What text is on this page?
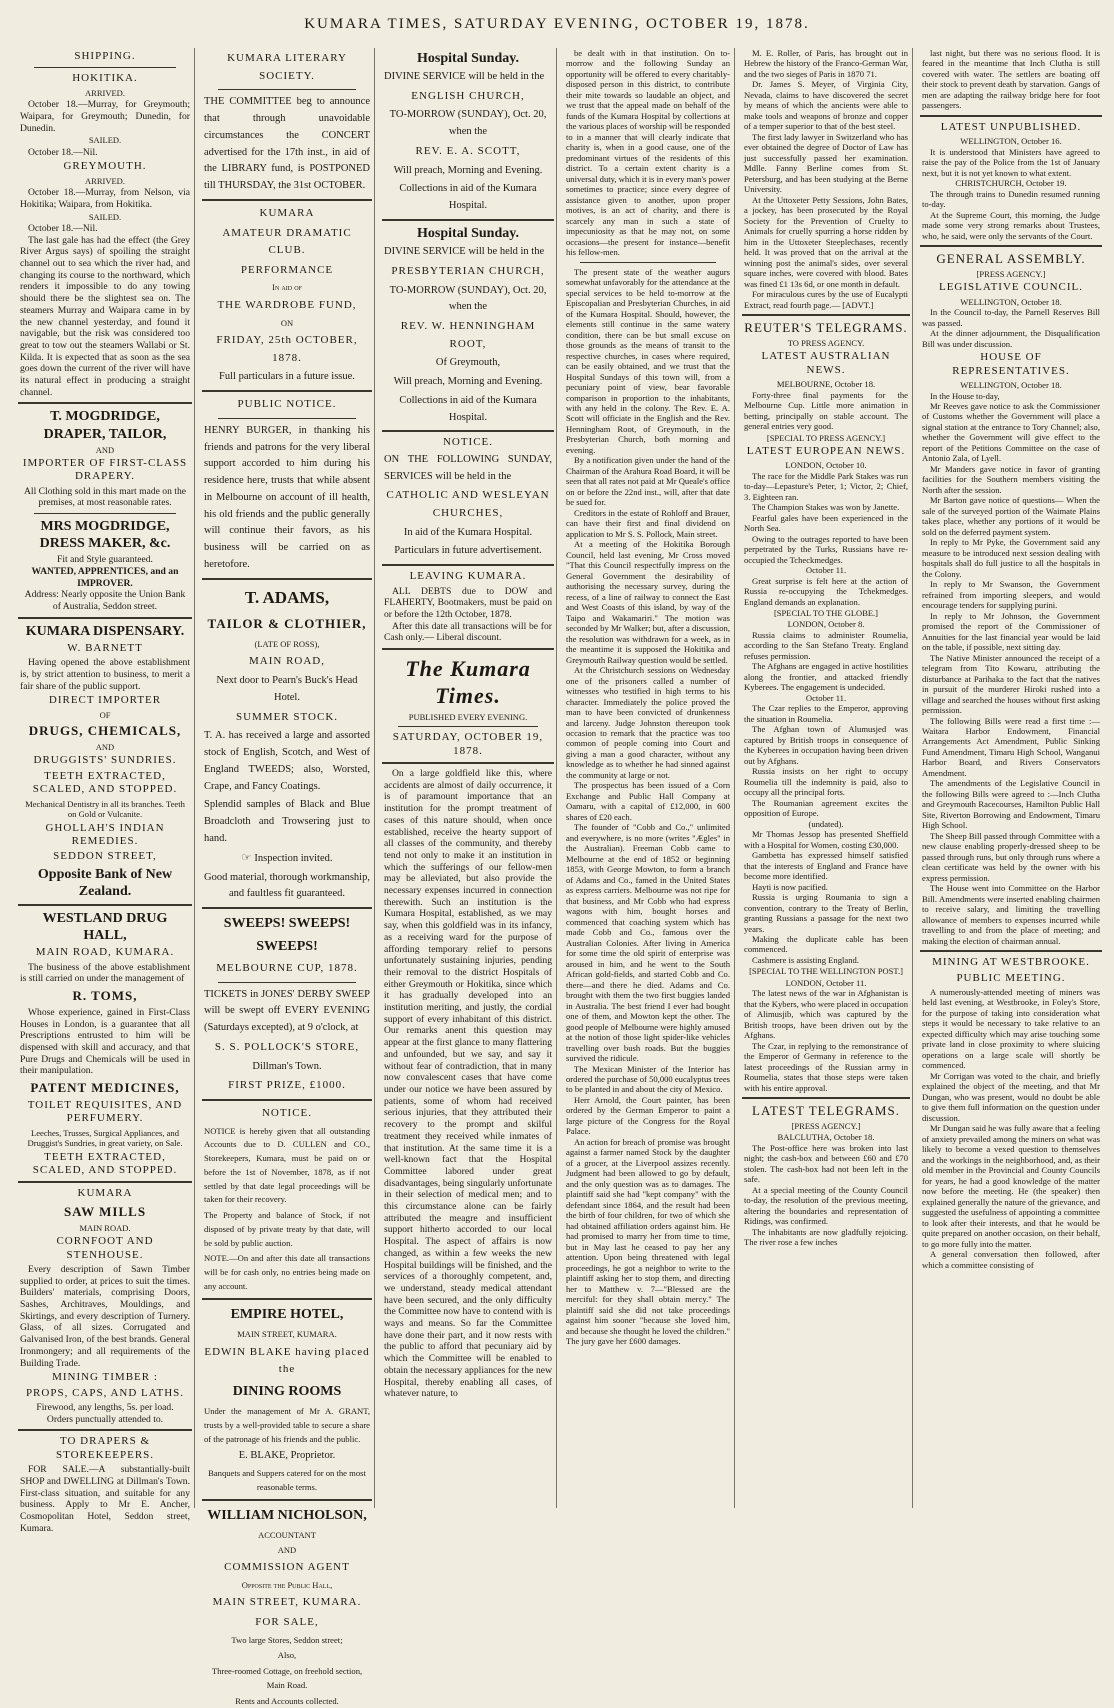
KUMARA TIMES, SATURDAY EVENING, OCTOBER 19, 1878.
SHIPPING.
HOKITIKA.
ARRIVED.

October 18.—Murray, for Greymouth; Waipara, for Greymouth; Dunedin, for Dunedin.

SAILED.

October 18.—Nil.

GREYMOUTH.
ARRIVED.

October 18.—Murray, from Nelson, via Hokitika; Waipara, from Hokitika.

SAILED.

October 18.—Nil.

The last gale has had the effect (the Grey River Argus says) of spoiling the straight channel out to sea which the river had, and changing its course to the northward, which renders it impossible to do any towing should there be the slightest sea on. The steamers Murray and Waipara came in by the new channel yesterday, and found it navigable, but the risk was considered too great to tow out the steamers Wallabi or St. Kilda. It is expected that as soon as the sea goes down the current of the river will have its natural effect in producing a straight channel.

T. MOGDRIDGE, DRAPER, TAILOR,
AND
IMPORTER OF FIRST-CLASS DRAPERY.

All Clothing sold in this mart made on the premises, at most reasonable rates.

MRS MOGDRIDGE, DRESS MAKER, &c.

Fit and Style guaranteed.

WANTED, APPRENTICES, and an IMPROVER.

Address: Nearly opposite the Union Bank of Australia, Seddon street.

KUMARA DISPENSARY.
W. BARNETT

Having opened the above establishment is, by strict attention to business, to merit a fair share of the public support.

DIRECT IMPORTER
OF
DRUGS, CHEMICALS,
AND
DRUGGISTS' SUNDRIES.
TEETH EXTRACTED, SCALED, AND STOPPED.

Mechanical Dentistry in all its branches. Teeth on Gold or Vulcanite.

GHOLLAH'S INDIAN REMEDIES.
SEDDON STREET,
Opposite Bank of New Zealand.
WESTLAND DRUG HALL,
MAIN ROAD, KUMARA.

The business of the above establishment is still carried on under the management of

R. TOMS,

Whose experience, gained in First-Class Houses in London, is a guarantee that all Prescriptions entrusted to him will be dispensed with skill and accuracy, and that Pure Drugs and Chemicals will be used in their manipulation.

PATENT MEDICINES,
TOILET REQUISITES, AND PERFUMERY.

Leeches, Trusses, Surgical Appliances, and Druggist's Sundries, in great variety, on Sale.

TEETH EXTRACTED, SCALED, AND STOPPED.
KUMARA
SAW MILLS
MAIN ROAD.
CORNFOOT AND STENHOUSE.

Every description of Sawn Timber supplied to order, at prices to suit the times. Builders' materials, comprising Doors, Sashes, Architraves, Mouldings, and Skirtings, and every description of Turnery. Glass, of all sizes. Corrugated and Galvanised Iron, of the best brands. General Ironmongery; and all requirements of the Building Trade.

MINING TIMBER :
PROPS, CAPS, AND LATHS.

Firewood, any lengths, 5s. per load.

Orders punctually attended to.

TO DRAPERS & STOREKEEPERS.

FOR SALE.—A substantially-built SHOP and DWELLING at Dillman's Town. First-class situation, and suitable for any business. Apply to Mr E. Ancher, Cosmopolitan Hotel, Seddon street, Kumara.

KUMARA LITERARY SOCIETY.

THE COMMITTEE beg to announce that through unavoidable circumstances the CONCERT advertised for the 17th inst., in aid of the LIBRARY fund, is POSTPONED till THURSDAY, the 31st OCTOBER.

KUMARA
AMATEUR DRAMATIC CLUB.
PERFORMANCE
In aid of
THE WARDROBE FUND,
ON
FRIDAY, 25th OCTOBER, 1878.

Full particulars in a future issue.

PUBLIC NOTICE.

HENRY BURGER, in thanking his friends and patrons for the very liberal support accorded to him during his residence here, trusts that while absent in Melbourne on account of ill health, his old friends and the public generally will continue their favors, as his business will be carried on as heretofore.

T. ADAMS,
TAILOR & CLOTHIER,
(LATE OF ROSS),
MAIN ROAD,

Next door to Pearn's Buck's Head Hotel.

SUMMER STOCK.

T. A. has received a large and assorted stock of English, Scotch, and West of England TWEEDS; also, Worsted, Crape, and Fancy Coatings.

Splendid samples of Black and Blue Broadcloth and Trowsering just to hand.

☞ Inspection invited.

Good material, thorough workmanship, and faultless fit guaranteed.

SWEEPS! SWEEPS! SWEEPS!
MELBOURNE CUP, 1878.

TICKETS in JONES' DERBY SWEEP will be swept off EVERY EVENING (Saturdays excepted), at 9 o'clock, at

S. S. POLLOCK'S STORE,

Dillman's Town.

FIRST PRIZE, £1000.
NOTICE.

NOTICE is hereby given that all outstanding Accounts due to D. CULLEN and CO., Storekeepers, Kumara, must be paid on or before the 1st of November, 1878, as if not settled by that date legal proceedings will be taken for their recovery.

The Property and balance of Stock, if not disposed of by private treaty by that date, will be sold by public auction.

NOTE.—On and after this date all transactions will be for cash only, no entries being made on any account.

EMPIRE HOTEL,
MAIN STREET, KUMARA.
EDWIN BLAKE having placed the
DINING ROOMS

Under the management of Mr A. GRANT, trusts by a well-provided table to secure a share of the patronage of his friends and the public.

E. BLAKE, Proprietor.

Banquets and Suppers catered for on the most reasonable terms.

WILLIAM NICHOLSON,
ACCOUNTANT
AND
COMMISSION AGENT
Opposite the Public Hall,
MAIN STREET, KUMARA.
FOR SALE,

Two large Stores, Seddon street;

Also,

Three-roomed Cottage, on freehold section, Main Road.

Rents and Accounts collected.

Hospital Sunday.

DIVINE SERVICE will be held in the

ENGLISH CHURCH,

TO-MORROW (SUNDAY), Oct. 20, when the

REV. E. A. SCOTT,

Will preach, Morning and Evening.

Collections in aid of the Kumara Hospital.

Hospital Sunday.

DIVINE SERVICE will be held in the

PRESBYTERIAN CHURCH,

TO-MORROW (SUNDAY), Oct. 20, when the

REV. W. HENNINGHAM ROOT,

Of Greymouth,

Will preach, Morning and Evening.

Collections in aid of the Kumara Hospital.

NOTICE.

ON THE FOLLOWING SUNDAY, SERVICES will be held in the

CATHOLIC AND WESLEYAN CHURCHES,

In aid of the Kumara Hospital.

Particulars in future advertisement.

LEAVING KUMARA.

ALL DEBTS due to DOW and FLAHERTY, Bootmakers, must be paid on or before the 12th October, 1878.

After this date all transactions will be for Cash only.— Liberal discount.

The Kumara Times.
PUBLISHED EVERY EVENING.
SATURDAY, OCTOBER 19, 1878.

On a large goldfield like this, where accidents are almost of daily occurrence, it is of paramount importance that an institution for the prompt treatment of cases of this nature should, when once established, receive the hearty support of all classes of the community, and thereby tend not only to make it an institution in which the sufferings of our fellow-men may be alleviated, but also provide the necessary expenses incurred in connection therewith. Such an institution is the Kumara Hospital, established, as we may say, when this goldfield was in its infancy, as a receiving ward for the purpose of affording temporary relief to persons unfortunately sustaining injuries, pending their removal to the district Hospitals of either Greymouth or Hokitika, since which it has gradually developed into an institution meriting, and justly, the cordial support of every inhabitant of this district. Our remarks anent this question may appear at the first glance to many flattering and unfounded, but we say, and say it without fear of contradiction, that in many now convalescent cases that have come under our notice we have been assured by patients, some of whom had received serious injuries, that they attributed their recovery to the prompt and skilful treatment they received while inmates of that institution. At the same time it is a well-known fact that the Hospital Committee labored under great disadvantages, being singularly unfortunate in their selection of medical men; and to this circumstance alone can be fairly attributed the meagre and insufficient support hitherto accorded to our local Hospital. The aspect of affairs is now changed, as within a few weeks the new Hospital buildings will be finished, and the services of a thoroughly competent, and, we understand, steady medical attendant have been secured, and the only difficulty the Committee now have to contend with is ways and means. So far the Committee have done their part, and it now rests with the public to afford that pecuniary aid by which the Committee will be enabled to obtain the necessary appliances for the new Hospital, thereby enabling all cases, of whatever nature, to

be dealt with in that institution. On to-morrow and the following Sunday an opportunity will be offered to every charitably-disposed person in this district, to contribute their mite towards so laudable an object, and we trust that the appeal made on behalf of the funds of the Kumara Hospital by collections at the various places of worship will be responded to in a manner that will clearly indicate that charity is, when in a good cause, one of the predominant virtues of the residents of this district. To a certain extent charity is a universal duty, which it is in every man's power sometimes to practice; since every degree of assistance given to another, upon proper motives, is an act of charity, and there is scarcely any man in such a state of impecuniosity as that he may not, on some occasions—the present for instance—benefit his fellow-men.

The present state of the weather augurs somewhat unfavorably for the attendance at the special services to be held to-morrow at the Episcopalian and Presbyterian Churches, in aid of the Kumara Hospital. Should, however, the elements still continue in the same watery condition, there can be but small excuse on those grounds as the means of transit to the respective churches, in cases where required, can be easily obtained, and we trust that the Hospital Sundays of this town will, from a pecuniary point of view, bear favorable comparison in proportion to the inhabitants, with any held in the colony. The Rev. E. A. Scott will officiate in the English and the Rev. Henningham Root, of Greymouth, in the Presbyterian Church, both morning and evening.

By a notification given under the hand of the Chairman of the Arahura Road Board, it will be seen that all rates not paid at Mr Queale's office on or before the 22nd inst., will, after that date be sued for.

Creditors in the estate of Rohloff and Brauer, can have their first and final dividend on application to Mr S. S. Pollock, Main street.

At a meeting of the Hokitika Borough Council, held last evening, Mr Cross moved "That this Council respectfully impress on the General Government the desirability of authorising the necessary survey, during the recess, of a line of railway to connect the East and West Coasts of this island, by way of the Taipo and Wakamariri." The motion was seconded by Mr Walker; but, after a discussion, the resolution was withdrawn for a week, as in the meantime it is supposed the Hokitika and Greymouth Railway question would be settled.

At the Christchurch sessions on Wednesday one of the prisoners called a number of witnesses who testified in high terms to his character. Immediately the police proved the man to have been convicted of drunkenness and larceny. Judge Johnston thereupon took occasion to remark that the practice was too common of people coming into Court and giving a man a good character, without any knowledge as to whether he had sinned against the community at large or not.

The prospectus has been issued of a Corn Exchange and Public Hall Company at Oamaru, with a capital of £12,000, in 600 shares of £20 each.

The founder of "Cobb and Co.," unlimited and everywhere, is no more (writes "Ægles" in the Australian). Freeman Cobb came to Melbourne at the end of 1852 or beginning 1853, with George Mowton, to form a branch of Adams and Co., famed in the United States as express carriers. Melbourne was not ripe for that business, and Mr Cobb who had express wagons with him, bought horses and commenced that coaching system which has made Cobb and Co., famous over the Australian Colonies. After living in America for some time the old spirit of enterprise was aroused in him, and he went to the South African gold-fields, and started Cobb and Co. there—and there he died. Adams and Co. brought with them the two first buggies landed in Australia. The best friend I ever had bought one of them, and Mowton kept the other. The good people of Melbourne were highly amused at the notion of those light spider-like vehicles travelling over bush roads. But the buggies survived the ridicule.

The Mexican Minister of the Interior has ordered the purchase of 50,000 eucalyptus trees to be planted in and about the city of Mexico.

Herr Arnold, the Court painter, has been ordered by the German Emperor to paint a large picture of the Congress for the Royal Palace.

An action for breach of promise was brought against a farmer named Stock by the daughter of a grocer, at the Liverpool assizes recently. Judgment had been allowed to go by default, and the only question was as to damages. The plaintiff said she had "kept company" with the defendant since 1864, and the result had been the birth of four children, for two of which she had obtained affiliation orders against him. He had promised to marry her from time to time, but in May last he ceased to pay her any attention. Upon being threatened with legal proceedings, he got a neighbor to write to the plaintiff asking her to stop them, and directing her to Matthew v. 7—"Blessed are the merciful: for they shall obtain mercy." The plaintiff said she did not take proceedings against him sooner "because she loved him, and because she thought he loved the children." The jury gave her £600 damages.

M. E. Roller, of Paris, has brought out in Hebrew the history of the Franco-German War, and the two sieges of Paris in 1870 71.

Dr. James S. Meyer, of Virginia City, Nevada, claims to have discovered the secret by means of which the ancients were able to make tools and weapons of bronze and copper of a temper superior to that of the best steel.

The first lady lawyer in Switzerland who has ever obtained the degree of Doctor of Law has just successfully passed her examination. Mdlle. Fanny Berline comes from St. Petersburg, and has been studying at the Berne University.

At the Uttoxeter Petty Sessions, John Bates, a jockey, has been prosecuted by the Royal Society for the Prevention of Cruelty to Animals for cruelly spurring a horse ridden by him in the Uttoxeter Steeplechases, recently held. It was proved that on the arrival at the winning post the animal's sides, over several square inches, were covered with blood. Bates was fined £1 13s 6d, or one month in default.

For miraculous cures by the use of Eucalypti Extract, read fourth page.— [ADVT.]

REUTER'S TELEGRAMS.
TO PRESS AGENCY.
LATEST AUSTRALIAN NEWS.

MELBOURNE, October 18.

Forty-three final payments for the Melbourne Cup. Little more animation in betting, principally on stable account. The general entries very good.

[SPECIAL TO PRESS AGENCY.]
LATEST EUROPEAN NEWS.

LONDON, October 10.

The race for the Middle Park Stakes was run to-day—Lepasture's Peter, 1; Victor, 2; Chief, 3. Eighteen ran.

The Champion Stakes was won by Janette.

Fearful gales have been experienced in the North Sea.

Owing to the outrages reported to have been perpetrated by the Turks, Russians have re-occupied the Tcheckmedges.

October 11.

Great surprise is felt here at the action of Russia re-occupying the Tchekmedges. England demands an explanation.

[SPECIAL TO THE GLOBE.]

LONDON, October 8.

Russia claims to administer Roumelia, according to the San Stefano Treaty. England refuses permission.

The Afghans are engaged in active hostilities along the frontier, and attacked friendly Kyberees. The engagement is undecided.

October 11.

The Czar replies to the Emperor, approving the situation in Roumelia.

The Afghan town of Alumusjed was captured by British troops in consequence of the Kyberees in occupation having been driven out by Afghans.

Russia insists on her right to occupy Roumelia till the indemnity is paid, also to occupy all the principal forts.

The Roumanian agreement excites the opposition of Europe.

(undated).

Mr Thomas Jessop has presented Sheffield with a Hospital for Women, costing £30,000.

Gambetta has expressed himself satisfied that the interests of England and France have become more identified.

Hayti is now pacified.

Russia is urging Roumania to sign a convention, contrary to the Treaty of Berlin, granting Russians a passage for the next two years.

Making the duplicate cable has been commenced.

Cashmere is assisting England.

[SPECIAL TO THE WELLINGTON POST.]

LONDON, October 11.

The latest news of the war in Afghanistan is that the Kybers, who were placed in occupation of Alimusjib, which was captured by the British troops, have been driven out by the Afghans.

The Czar, in replying to the remonstrance of the Emperor of Germany in reference to the latest proceedings of the Russian army in Roumelia, states that those steps were taken with his entire approval.

LATEST TELEGRAMS.
[PRESS AGENCY.]

BALCLUTHA, October 18.

The Post-office here was broken into last night; the cash-box and between £60 and £70 stolen. The cash-box had not been left in the safe.

At a special meeting of the County Council to-day, the resolution of the previous meeting, altering the boundaries and representation of Ridings, was confirmed.

The inhabitants are now gladfully rejoicing. The river rose a few inches

last night, but there was no serious flood. It is feared in the meantime that Inch Clutha is still covered with water. The settlers are boating off their stock to prevent death by starvation. Gangs of men are adapting the railway bridge here for foot passengers.

LATEST UNPUBLISHED.

WELLINGTON, October 16.

It is understood that Ministers have agreed to raise the pay of the Police from the 1st of January next, but it is not yet known to what extent.

CHRISTCHURCH, October 19.

The through trains to Dunedin resumed running to-day.

At the Supreme Court, this morning, the Judge made some very strong remarks about Trustees, who, he said, were only the servants of the Court.

GENERAL ASSEMBLY.
[PRESS AGENCY.]
LEGISLATIVE COUNCIL.

WELLINGTON, October 18.

In the Council to-day, the Parnell Reserves Bill was passed.

At the dinner adjournment, the Disqualification Bill was under discussion.

HOUSE OF REPRESENTATIVES.

WELLINGTON, October 18.

In the House to-day,

Mr Reeves gave notice to ask the Commissioner of Customs whether the Government will place a signal station at the entrance to Tory Channel; also, whether the Government will give effect to the report of the Petitions Committee on the case of Antonio Zala, of Lyell.

Mr Manders gave notice in favor of granting facilities for the Southern members visiting the North after the session.

Mr Barton gave notice of questions— When the sale of the surveyed portion of the Waimate Plains takes place, whether any portions of it would be sold on the deferred payment system.

In reply to Mr Pyke, the Government said any measure to be introduced next session dealing with hospitals shall do full justice to all the hospitals in the Colony.

In reply to Mr Swanson, the Government refrained from importing sleepers, and would encourage tenders for supplying purini.

In reply to Mr Johnson, the Government promised the report of the Commissioner of Annuities for the last financial year would be laid on the table, if possible, next sitting day.

The Native Minister announced the receipt of a telegram from Tito Kowaru, attributing the disturbance at Parihaka to the fact that the natives in pursuit of the murderer Hiroki rushed into a village and searched the houses without first asking permission.

The following Bills were read a first time :—Waitara Harbor Endowment, Financial Arrangements Act Amendment, Public Sinking Fund Amendment, Timaru High School, Wanganui Harbor Board, and Rivers Conservators Amendment.

The amendments of the Legislative Council in the following Bills were agreed to :—Inch Clutha and Greymouth Racecourses, Hamilton Public Hall Site, Riverton Borrowing and Endowment, Timaru High School.

The Sheep Bill passed through Committee with a new clause enabling properly-dressed sheep to be passed through runs, but only through runs where a clean certificate was held by the owner with his express permission.

The House went into Committee on the Harbor Bill. Amendments were inserted enabling chairmen to receive salary, and limiting the travelling allowance of members to expenses incurred while travelling to and from the place of meeting; and making the election of chairman annual.

MINING AT WESTBROOKE.
PUBLIC MEETING.

A numerously-attended meeting of miners was held last evening, at Westbrooke, in Foley's Store, for the purpose of taking into consideration what steps it would be necessary to take relative to an expected difficulty which may arise touching some private land in close proximity to where sluicing operations on a large scale will shortly be commenced.

Mr Corrigan was voted to the chair, and briefly explained the object of the meeting, and that Mr Dungan, who was present, would no doubt be able to give them full information on the question under discussion.

Mr Dungan said he was fully aware that a feeling of anxiety prevailed among the miners on what was likely to become a vexed question to themselves and the workings in the neighborhood, and, as their old member in the Provincial and County Councils for years, he had a good knowledge of the matter now before the meeting. He (the speaker) then explained generally the nature of the grievance, and suggested the usefulness of appointing a committee to look after their interests, and that he would be quite prepared on another occasion, on their behalf, to go more fully into the matter.

A general conversation then followed, after which a committee consisting of
